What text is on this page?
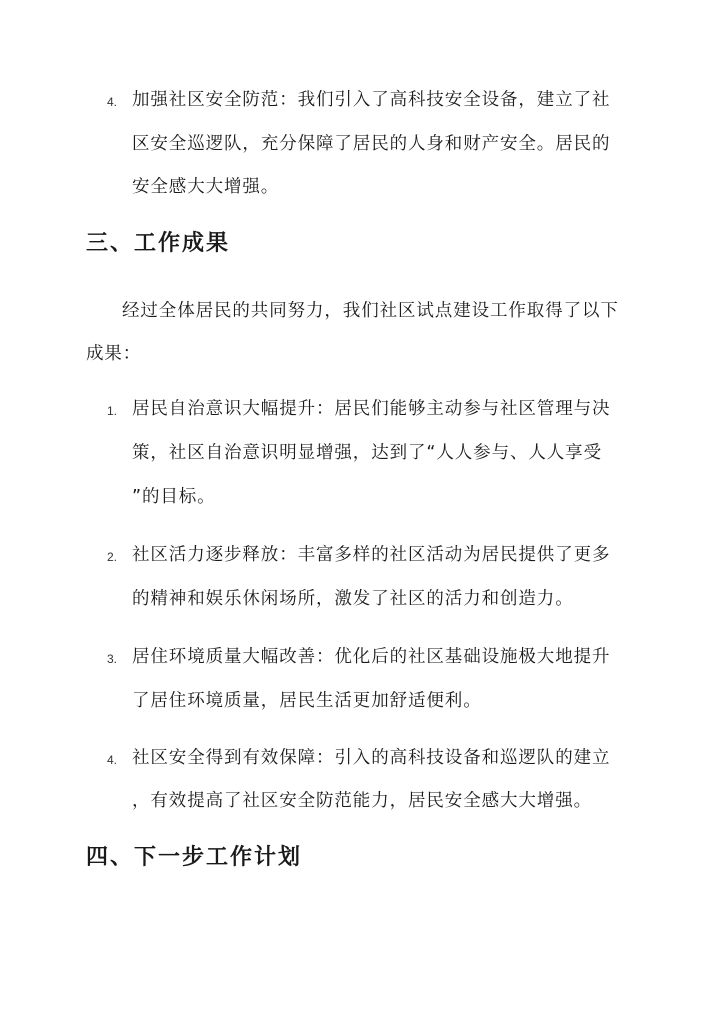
4. 加强社区安全防范：我们引入了高科技安全设备，建立了社
区安全巡逻队，充分保障了居民的人身和财产安全。居民的
安全感大大增强。
三、工作成果
经过全体居民的共同努力，我们社区试点建设工作取得了以下
成果：
1. 居民自治意识大幅提升：居民们能够主动参与社区管理与决
策，社区自治意识明显增强，达到了“人人参与、人人享受
”的目标。
2. 社区活力逐步释放：丰富多样的社区活动为居民提供了更多
的精神和娱乐休闲场所，激发了社区的活力和创造力。
3. 居住环境质量大幅改善：优化后的社区基础设施极大地提升
了居住环境质量，居民生活更加舒适便利。
4. 社区安全得到有效保障：引入的高科技设备和巡逻队的建立
，有效提高了社区安全防范能力，居民安全感大大增强。
四、下一步工作计划
